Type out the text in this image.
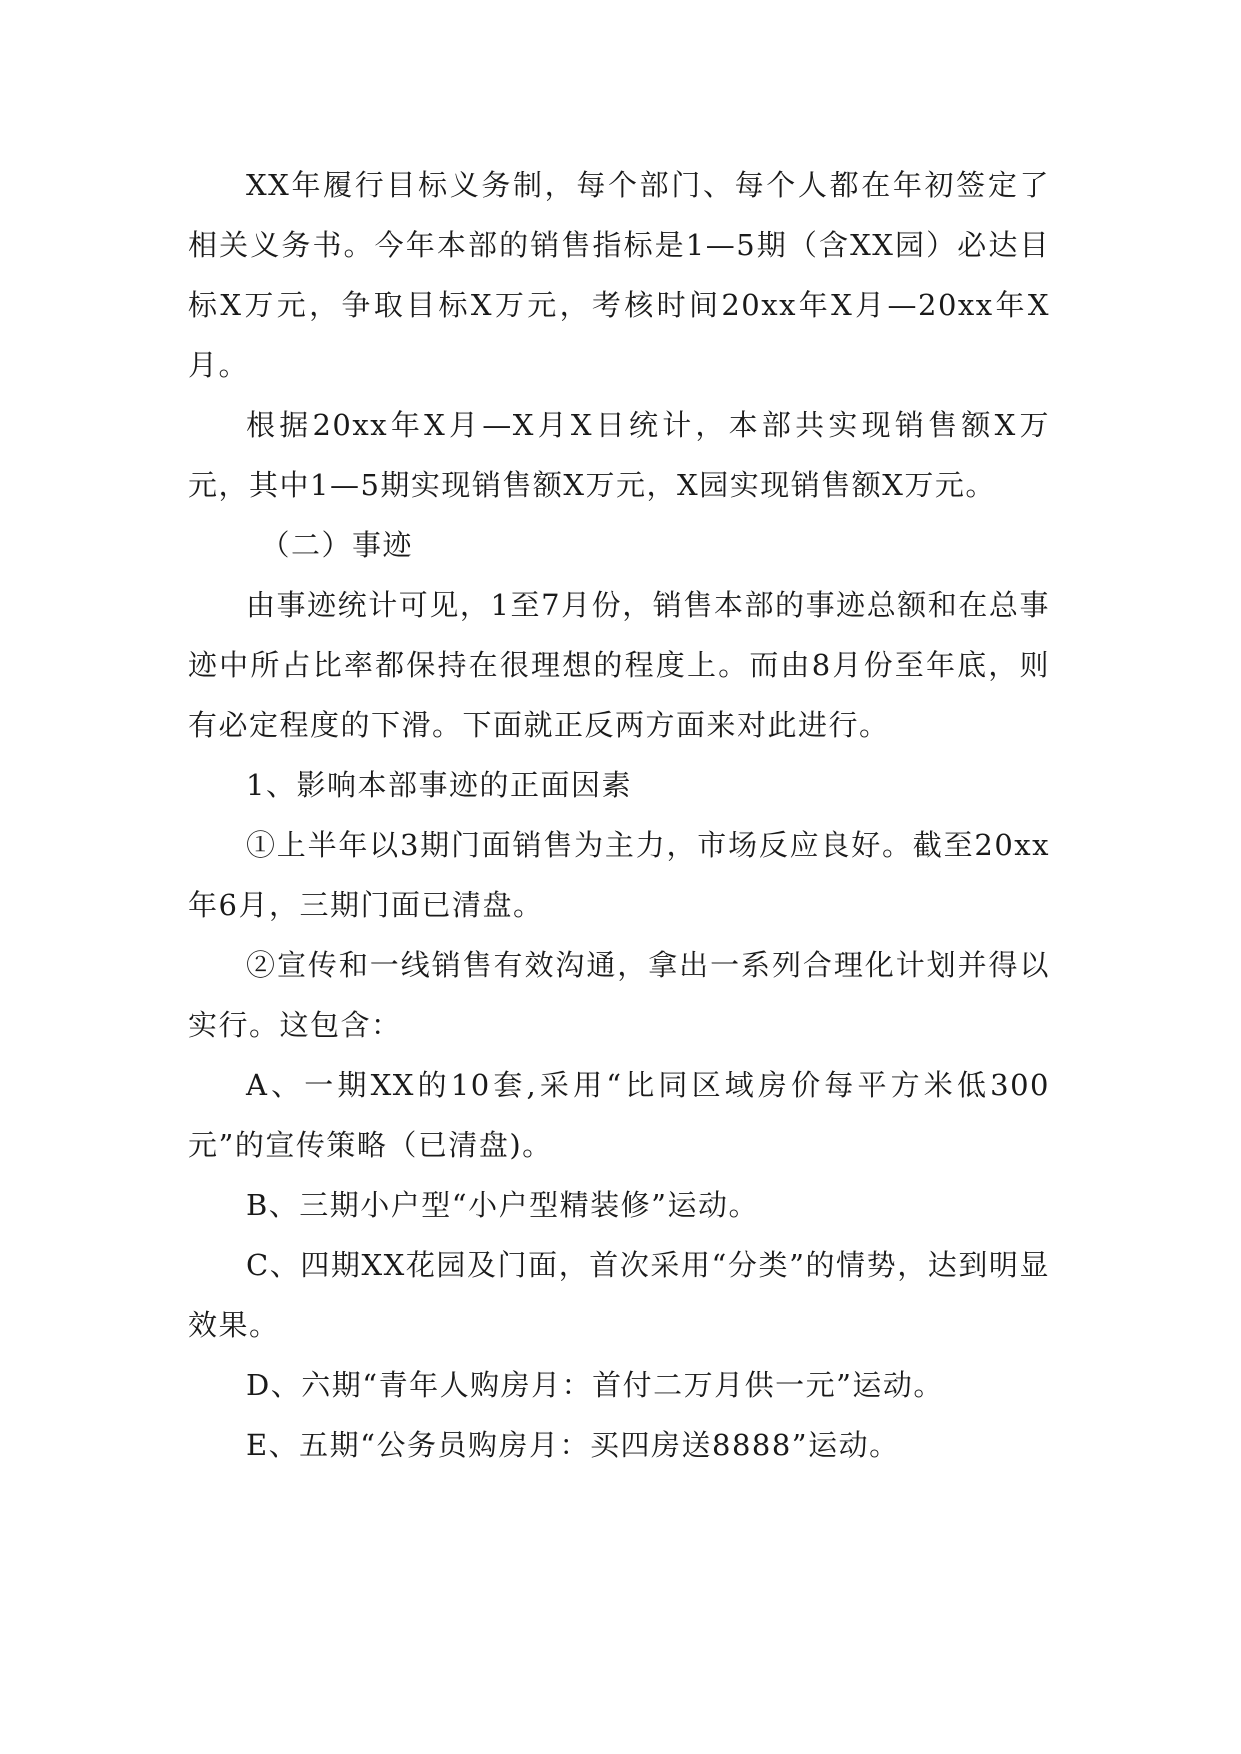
XX年履行目标义务制，每个部门、每个人都在年初签定了相关义务书。今年本部的销售指标是1—5期（含XX园）必达目标X万元，争取目标X万元，考核时间20xx年X月—20xx年X月。

根据20xx年X月—X月X日统计，本部共实现销售额X万元，其中1—5期实现销售额X万元，X园实现销售额X万元。

（二）事迹

由事迹统计可见，1至7月份，销售本部的事迹总额和在总事迹中所占比率都保持在很理想的程度上。而由8月份至年底，则有必定程度的下滑。下面就正反两方面来对此进行。

1、影响本部事迹的正面因素

①上半年以3期门面销售为主力，市场反应良好。截至20xx年6月，三期门面已清盘。

②宣传和一线销售有效沟通，拿出一系列合理化计划并得以实行。这包含：

A、一期XX的10套,采用“比同区域房价每平方米低300元”的宣传策略（已清盘)。

B、三期小户型“小户型精装修”运动。

C、四期XX花园及门面，首次采用“分类”的情势，达到明显效果。

D、六期“青年人购房月：首付二万月供一元”运动。

E、五期“公务员购房月：买四房送8888”运动。
